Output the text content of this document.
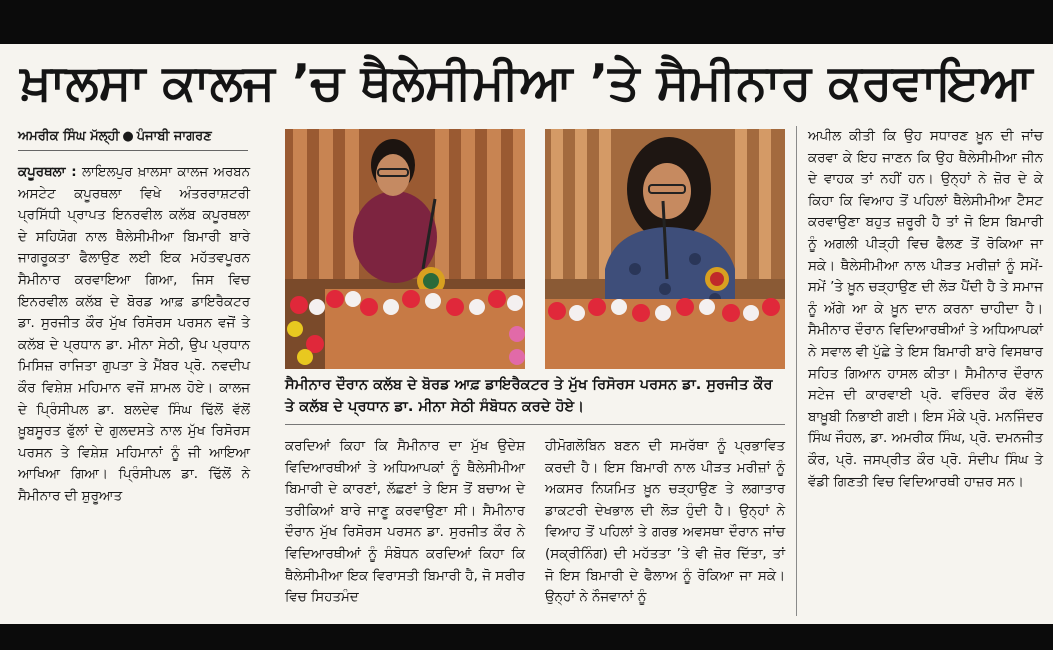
ਖ਼ਾਲਸਾ ਕਾਲਜ ’ਚ ਥੈਲੇਸੀਮੀਆ ’ਤੇ ਸੈਮੀਨਾਰ ਕਰਵਾਇਆ
ਅਮਰੀਕ ਸਿੰਘ ਮੱਲ੍ਹੀ ● ਪੰਜਾਬੀ ਜਾਗਰਣ

ਕਪੂਰਥਲਾ : ਲਾਇਲਪੁਰ ਖ਼ਾਲਸਾ ਕਾਲਜ ਅਰਬਨ ਅਸਟੇਟ ਕਪੂਰਥਲਾ ਵਿਖੇ ਅੰਤਰਰਾਸ਼ਟਰੀ ਪ੍ਰਸਿੱਧੀ ਪ੍ਰਾਪਤ ਇਨਰਵੀਲ ਕਲੱਬ ਕਪੂਰਥਲਾ ਦੇ ਸਹਿਯੋਗ ਨਾਲ ਥੈਲੇਸੀਮੀਆ ਬਿਮਾਰੀ ਬਾਰੇ ਜਾਗਰੂਕਤਾ ਫੈਲਾਉਣ ਲਈ ਇਕ ਮਹੱਤਵਪੂਰਨ ਸੈਮੀਨਾਰ ਕਰਵਾਇਆ ਗਿਆ, ਜਿਸ ਵਿਚ ਇਨਰਵੀਲ ਕਲੱਬ ਦੇ ਬੋਰਡ ਆਫ਼ ਡਾਇਰੈਕਟਰ ਡਾ. ਸੁਰਜੀਤ ਕੌਰ ਮੁੱਖ ਰਿਸੋਰਸ ਪਰਸਨ ਵਜੋਂ ਤੇ ਕਲੱਬ ਦੇ ਪ੍ਰਧਾਨ ਡਾ. ਮੀਨਾ ਸੇਠੀ, ਉਪ ਪ੍ਰਧਾਨ ਮਿਸਿਜ਼ ਰਾਜਿਤਾ ਗੁਪਤਾ ਤੇ ਮੈਂਬਰ ਪ੍ਰੋ. ਨਵਦੀਪ ਕੌਰ ਵਿਸ਼ੇਸ਼ ਮਹਿਮਾਨ ਵਜੋਂ ਸ਼ਾਮਲ ਹੋਏ। ਕਾਲਜ ਦੇ ਪ੍ਰਿੰਸੀਪਲ ਡਾ. ਬਲਦੇਵ ਸਿੰਘ ਢਿੱਲੋਂ ਵੱਲੋਂ ਖ਼ੂਬਸੂਰਤ ਫੁੱਲਾਂ ਦੇ ਗੁਲਦਸਤੇ ਨਾਲ ਮੁੱਖ ਰਿਸੋਰਸ ਪਰਸਨ ਤੇ ਵਿਸ਼ੇਸ਼ ਮਹਿਮਾਨਾਂ ਨੂੰ ਜੀ ਆਇਆ ਆਖਿਆ ਗਿਆ। ਪ੍ਰਿੰਸੀਪਲ ਡਾ. ਢਿੱਲੋਂ ਨੇ ਸੈਮੀਨਾਰ ਦੀ ਸ਼ੁਰੂਆਤ

ਸੈਮੀਨਾਰ ਦੌਰਾਨ ਕਲੱਬ ਦੇ ਬੋਰਡ ਆਫ਼ ਡਾਇਰੈਕਟਰ ਤੇ ਮੁੱਖ ਰਿਸੋਰਸ ਪਰਸਨ ਡਾ. ਸੁਰਜੀਤ ਕੌਰ ਤੇ ਕਲੱਬ ਦੇ ਪ੍ਰਧਾਨ ਡਾ. ਮੀਨਾ ਸੇਠੀ ਸੰਬੋਧਨ ਕਰਦੇ ਹੋਏ।

ਕਰਦਿਆਂ ਕਿਹਾ ਕਿ ਸੈਮੀਨਾਰ ਦਾ ਮੁੱਖ ਉਦੇਸ਼ ਵਿਦਿਆਰਥੀਆਂ ਤੇ ਅਧਿਆਪਕਾਂ ਨੂੰ ਥੈਲੇਸੀਮੀਆ ਬਿਮਾਰੀ ਦੇ ਕਾਰਣਾਂ, ਲੱਛਣਾਂ ਤੇ ਇਸ ਤੋਂ ਬਚਾਅ ਦੇ ਤਰੀਕਿਆਂ ਬਾਰੇ ਜਾਣੂ ਕਰਵਾਉਣਾ ਸੀ। ਸੈਮੀਨਾਰ ਦੌਰਾਨ ਮੁੱਖ ਰਿਸੋਰਸ ਪਰਸਨ ਡਾ. ਸੁਰਜੀਤ ਕੌਰ ਨੇ ਵਿਦਿਆਰਥੀਆਂ ਨੂੰ ਸੰਬੋਧਨ ਕਰਦਿਆਂ ਕਿਹਾ ਕਿ ਥੈਲੇਸੀਮੀਆ ਇਕ ਵਿਰਾਸਤੀ ਬਿਮਾਰੀ ਹੈ, ਜੋ ਸਰੀਰ ਵਿਚ ਸਿਹਤਮੰਦ

ਹੀਮੋਗਲੋਬਿਨ ਬਣਨ ਦੀ ਸਮਰੱਥਾ ਨੂੰ ਪ੍ਰਭਾਵਿਤ ਕਰਦੀ ਹੈ। ਇਸ ਬਿਮਾਰੀ ਨਾਲ ਪੀੜਤ ਮਰੀਜ਼ਾਂ ਨੂੰ ਅਕਸਰ ਨਿਯਮਿਤ ਖ਼ੂਨ ਚੜ੍ਹਾਉਣ ਤੇ ਲਗਾਤਾਰ ਡਾਕਟਰੀ ਦੇਖਭਾਲ ਦੀ ਲੋੜ ਹੁੰਦੀ ਹੈ। ਉਨ੍ਹਾਂ ਨੇ ਵਿਆਹ ਤੋਂ ਪਹਿਲਾਂ ਤੇ ਗਰਭ ਅਵਸਥਾ ਦੌਰਾਨ ਜਾਂਚ (ਸਕ੍ਰੀਨਿੰਗ) ਦੀ ਮਹੱਤਤਾ ’ਤੇ ਵੀ ਜ਼ੋਰ ਦਿੱਤਾ, ਤਾਂ ਜੋ ਇਸ ਬਿਮਾਰੀ ਦੇ ਫੈਲਾਅ ਨੂੰ ਰੋਕਿਆ ਜਾ ਸਕੇ। ਉਨ੍ਹਾਂ ਨੇ ਨੌਜਵਾਨਾਂ ਨੂੰ

ਅਪੀਲ ਕੀਤੀ ਕਿ ਉਹ ਸਧਾਰਣ ਖ਼ੂਨ ਦੀ ਜਾਂਚ ਕਰਵਾ ਕੇ ਇਹ ਜਾਣਨ ਕਿ ਉਹ ਥੈਲੇਸੀਮੀਆ ਜੀਨ ਦੇ ਵਾਹਕ ਤਾਂ ਨਹੀਂ ਹਨ। ਉਨ੍ਹਾਂ ਨੇ ਜ਼ੋਰ ਦੇ ਕੇ ਕਿਹਾ ਕਿ ਵਿਆਹ ਤੋਂ ਪਹਿਲਾਂ ਥੈਲੇਸੀਮੀਆ ਟੈਸਟ ਕਰਵਾਉਣਾ ਬਹੁਤ ਜ਼ਰੂਰੀ ਹੈ ਤਾਂ ਜੋ ਇਸ ਬਿਮਾਰੀ ਨੂੰ ਅਗਲੀ ਪੀੜ੍ਹੀ ਵਿਚ ਫੈਲਣ ਤੋਂ ਰੋਕਿਆ ਜਾ ਸਕੇ। ਥੈਲੇਸੀਮੀਆ ਨਾਲ ਪੀੜਤ ਮਰੀਜ਼ਾਂ ਨੂੰ ਸਮੇਂ-ਸਮੇਂ ’ਤੇ ਖ਼ੂਨ ਚੜ੍ਹਾਉਣ ਦੀ ਲੋੜ ਪੈਂਦੀ ਹੈ ਤੇ ਸਮਾਜ ਨੂੰ ਅੱਗੇ ਆ ਕੇ ਖ਼ੂਨ ਦਾਨ ਕਰਨਾ ਚਾਹੀਦਾ ਹੈ। ਸੈਮੀਨਾਰ ਦੌਰਾਨ ਵਿਦਿਆਰਥੀਆਂ ਤੇ ਅਧਿਆਪਕਾਂ ਨੇ ਸਵਾਲ ਵੀ ਪੁੱਛੇ ਤੇ ਇਸ ਬਿਮਾਰੀ ਬਾਰੇ ਵਿਸਥਾਰ ਸਹਿਤ ਗਿਆਨ ਹਾਸਲ ਕੀਤਾ। ਸੈਮੀਨਾਰ ਦੌਰਾਨ ਸਟੇਜ ਦੀ ਕਾਰਵਾਈ ਪ੍ਰੋ. ਵਰਿੰਦਰ ਕੌਰ ਵੱਲੋਂ ਬਾਖ਼ੂਬੀ ਨਿਭਾਈ ਗਈ। ਇਸ ਮੌਕੇ ਪ੍ਰੋ. ਮਨਜਿੰਦਰ ਸਿੰਘ ਜੌਹਲ, ਡਾ. ਅਮਰੀਕ ਸਿੰਘ, ਪ੍ਰੋ. ਦਮਨਜੀਤ ਕੌਰ, ਪ੍ਰੋ. ਜਸਪ੍ਰੀਤ ਕੌਰ ਪ੍ਰੋ. ਸੰਦੀਪ ਸਿੰਘ ਤੇ ਵੱਡੀ ਗਿਣਤੀ ਵਿਚ ਵਿਦਿਆਰਥੀ ਹਾਜ਼ਰ ਸਨ।
